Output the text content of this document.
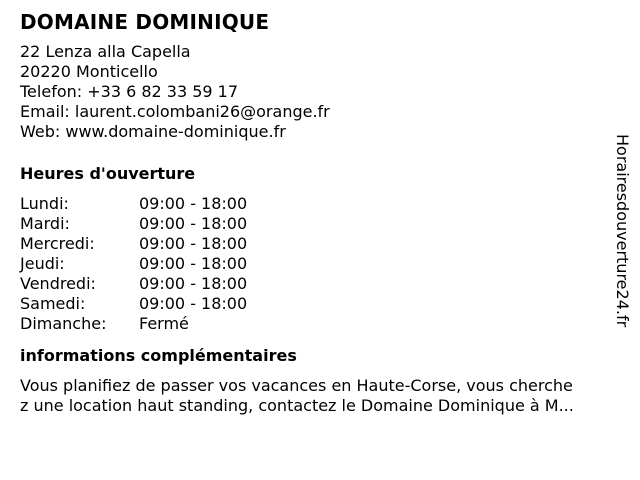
DOMAINE DOMINIQUE
22 Lenza alla Capella
20220 Monticello
Telefon: +33 6 82 33 59 17
Email: laurent.colombani26@orange.fr
Web: www.domaine-dominique.fr
Heures d'ouverture
Lundi:	09:00 - 18:00
Mardi:	09:00 - 18:00
Mercredi:	09:00 - 18:00
Jeudi:	09:00 - 18:00
Vendredi:	09:00 - 18:00
Samedi:	09:00 - 18:00
Dimanche:	Fermé
informations complémentaires
Vous planifiez de passer vos vacances en Haute-Corse, vous cherche
z une location haut standing, contactez le Domaine Dominique à M...
Horairesdouverture24.fr
